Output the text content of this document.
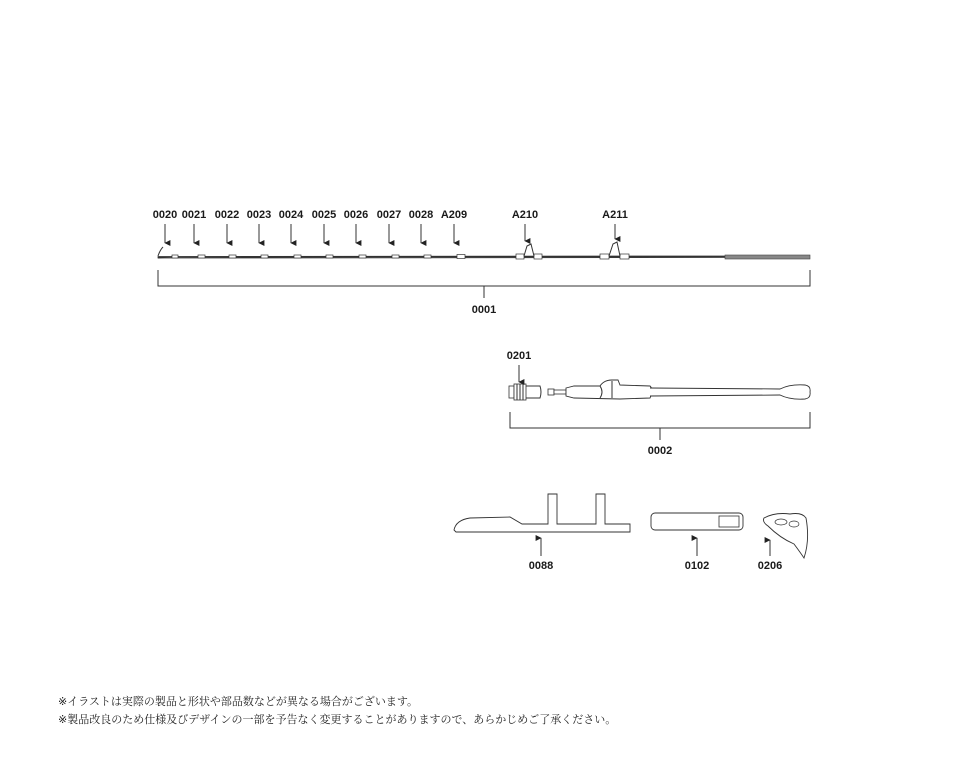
0020 0021 0022 0023 0024 0025 0026 0027 0028 A209	A210	A211
0001
0201
0002
0088	0102	0206
※イラストは実際の製品と形状や部品数などが異なる場合がございます。
※製品改良のため仕様及びデザインの一部を予告なく変更することがありますので、あらかじめご了承ください。
